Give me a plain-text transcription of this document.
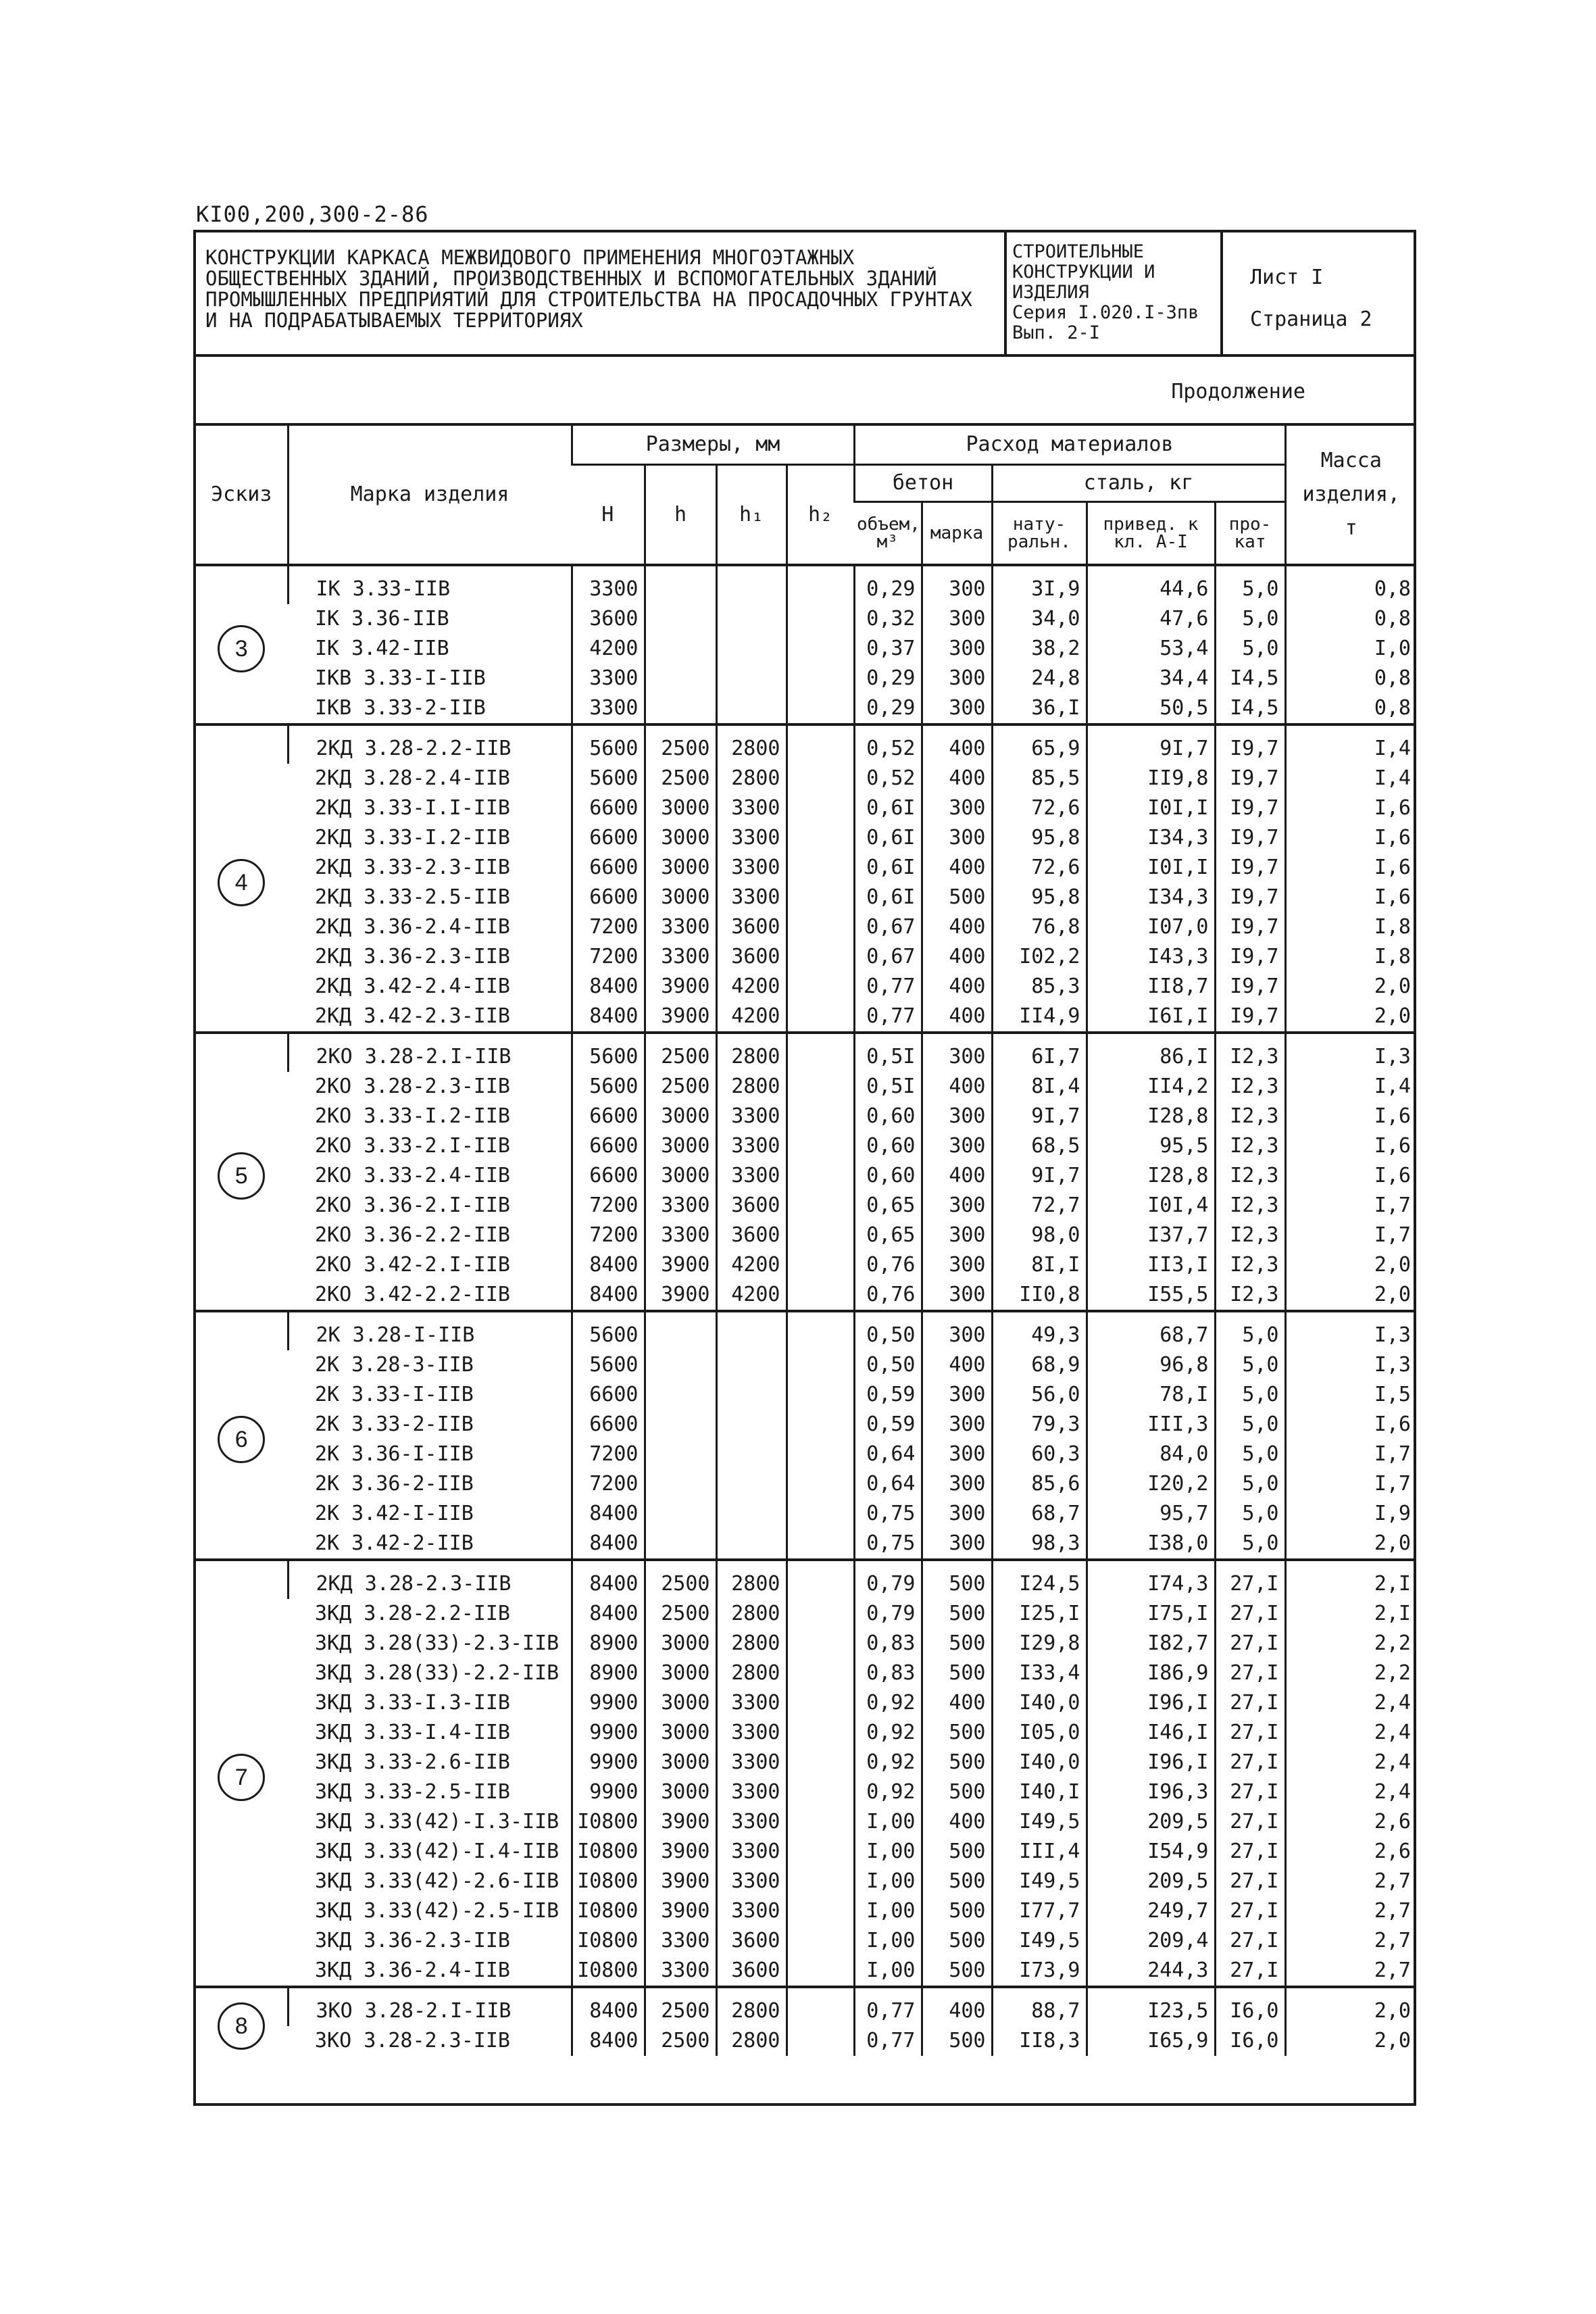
KI00,200,300-2-86
КОНСТРУКЦИИ КАРКАСА МЕЖВИДОВОГО ПРИМЕНЕНИЯ МНОГОЭТАЖНЫХ ОБЩЕСТВЕННЫХ ЗДАНИЙ, ПРОИЗВОДСТВЕННЫХ И ВСПОМОГАТЕЛЬНЫХ ЗДАНИЙ ПРОМЫШЛЕННЫХ ПРЕДПРИЯТИЙ ДЛЯ СТРОИТЕЛЬСТВА НА ПРОСАДОЧНЫХ ГРУНТАХ И НА ПОДРАБАТЫВАЕМЫХ ТЕРРИТОРИЯХ
СТРОИТЕЛЬНЫЕ
КОНСТРУКЦИИ И
ИЗДЕЛИЯ
Серия I.020.I-3пв
Вып. 2-I
Лист I
Страница 2
Продолжение
Эскиз	Марка изделия	Размеры, мм				Расход материалов					Масса
изделия,
т

		H	h	h₁	h₂	бетон		сталь, кг			
						объем, м³	марка	нату- ральн.	привед. к кл. А-I	про- кат	
3	IK 3.33-IIB	3300				0,29	300	3I,9	44,6	5,0	0,8
	IK 3.36-IIB	3600				0,32	300	34,0	47,6	5,0	0,8
	IK 3.42-IIB	4200				0,37	300	38,2	53,4	5,0	I,0
	IKB 3.33-I-IIB	3300				0,29	300	24,8	34,4	I4,5	0,8
	IKB 3.33-2-IIB	3300				0,29	300	36,I	50,5	I4,5	0,8
4	2КД 3.28-2.2-IIB	5600	2500	2800		0,52	400	65,9	9I,7	I9,7	I,4
	2КД 3.28-2.4-IIB	5600	2500	2800		0,52	400	85,5	II9,8	I9,7	I,4
	2КД 3.33-I.I-IIB	6600	3000	3300		0,6I	300	72,6	I0I,I	I9,7	I,6
	2КД 3.33-I.2-IIB	6600	3000	3300		0,6I	300	95,8	I34,3	I9,7	I,6
	2КД 3.33-2.3-IIB	6600	3000	3300		0,6I	400	72,6	I0I,I	I9,7	I,6
	2КД 3.33-2.5-IIB	6600	3000	3300		0,6I	500	95,8	I34,3	I9,7	I,6
	2КД 3.36-2.4-IIB	7200	3300	3600		0,67	400	76,8	I07,0	I9,7	I,8
	2КД 3.36-2.3-IIB	7200	3300	3600		0,67	400	I02,2	I43,3	I9,7	I,8
	2КД 3.42-2.4-IIB	8400	3900	4200		0,77	400	85,3	II8,7	I9,7	2,0
	2КД 3.42-2.3-IIB	8400	3900	4200		0,77	400	II4,9	I6I,I	I9,7	2,0
5	2КО 3.28-2.I-IIB	5600	2500	2800		0,5I	300	6I,7	86,I	I2,3	I,3
	2КО 3.28-2.3-IIB	5600	2500	2800		0,5I	400	8I,4	II4,2	I2,3	I,4
	2КО 3.33-I.2-IIB	6600	3000	3300		0,60	300	9I,7	I28,8	I2,3	I,6
	2КО 3.33-2.I-IIB	6600	3000	3300		0,60	300	68,5	95,5	I2,3	I,6
	2КО 3.33-2.4-IIB	6600	3000	3300		0,60	400	9I,7	I28,8	I2,3	I,6
	2КО 3.36-2.I-IIB	7200	3300	3600		0,65	300	72,7	I0I,4	I2,3	I,7
	2КО 3.36-2.2-IIB	7200	3300	3600		0,65	300	98,0	I37,7	I2,3	I,7
	2КО 3.42-2.I-IIB	8400	3900	4200		0,76	300	8I,I	II3,I	I2,3	2,0
	2КО 3.42-2.2-IIB	8400	3900	4200		0,76	300	II0,8	I55,5	I2,3	2,0
6	2К 3.28-I-IIB	5600				0,50	300	49,3	68,7	5,0	I,3
	2К 3.28-3-IIB	5600				0,50	400	68,9	96,8	5,0	I,3
	2К 3.33-I-IIB	6600				0,59	300	56,0	78,I	5,0	I,5
	2К 3.33-2-IIB	6600				0,59	300	79,3	III,3	5,0	I,6
	2К 3.36-I-IIB	7200				0,64	300	60,3	84,0	5,0	I,7
	2К 3.36-2-IIB	7200				0,64	300	85,6	I20,2	5,0	I,7
	2К 3.42-I-IIB	8400				0,75	300	68,7	95,7	5,0	I,9
	2К 3.42-2-IIB	8400				0,75	300	98,3	I38,0	5,0	2,0
7	2КД 3.28-2.3-IIB	8400	2500	2800		0,79	500	I24,5	I74,3	27,I	2,I
	3КД 3.28-2.2-IIB	8400	2500	2800		0,79	500	I25,I	I75,I	27,I	2,I
	3КД 3.28(33)-2.3-IIB	8900	3000	2800		0,83	500	I29,8	I82,7	27,I	2,2
	3КД 3.28(33)-2.2-IIB	8900	3000	2800		0,83	500	I33,4	I86,9	27,I	2,2
	3КД 3.33-I.3-IIB	9900	3000	3300		0,92	400	I40,0	I96,I	27,I	2,4
	3КД 3.33-I.4-IIB	9900	3000	3300		0,92	500	I05,0	I46,I	27,I	2,4
	3КД 3.33-2.6-IIB	9900	3000	3300		0,92	500	I40,0	I96,I	27,I	2,4
	3КД 3.33-2.5-IIB	9900	3000	3300		0,92	500	I40,I	I96,3	27,I	2,4
	3КД 3.33(42)-I.3-IIB	I0800	3900	3300		I,00	400	I49,5	209,5	27,I	2,6
	3КД 3.33(42)-I.4-IIB	I0800	3900	3300		I,00	500	III,4	I54,9	27,I	2,6
	3КД 3.33(42)-2.6-IIB	I0800	3900	3300		I,00	500	I49,5	209,5	27,I	2,7
	3КД 3.33(42)-2.5-IIB	I0800	3900	3300		I,00	500	I77,7	249,7	27,I	2,7
	3КД 3.36-2.3-IIB	I0800	3300	3600		I,00	500	I49,5	209,4	27,I	2,7
	3КД 3.36-2.4-IIB	I0800	3300	3600		I,00	500	I73,9	244,3	27,I	2,7
8	3КО 3.28-2.I-IIB	8400	2500	2800		0,77	400	88,7	I23,5	I6,0	2,0
	3КО 3.28-2.3-IIB	8400	2500	2800		0,77	500	II8,3	I65,9	I6,0	2,0
